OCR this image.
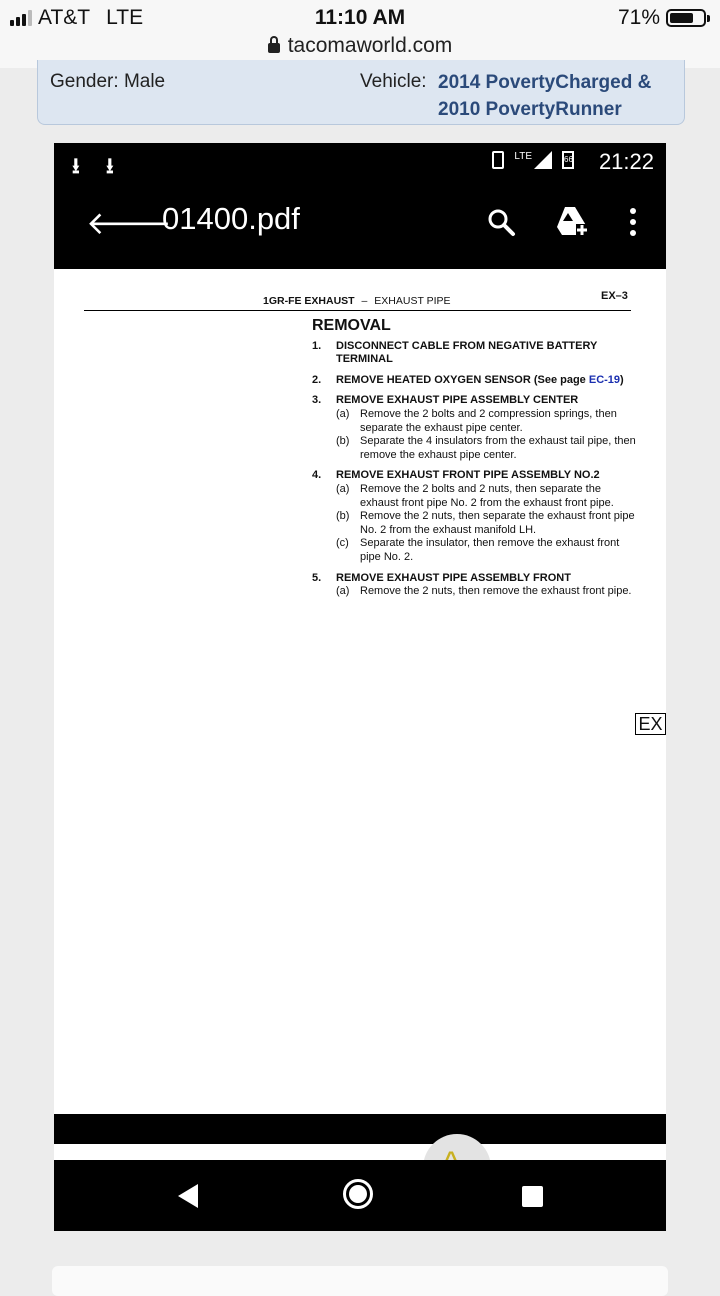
AT&T LTE	11:10 AM	71%
tacomaworld.com
Gender: Male	Vehicle: 2014 PovertyCharged &
2010 PovertyRunner
⭳ ⭳	LTE	66 21:22
🡐
01400.pdf
1GR-FE EXHAUST – EXHAUST PIPE	EX–3
REMOVAL
1.	DISCONNECT CABLE FROM NEGATIVE BATTERY TERMINAL
2.	REMOVE HEATED OXYGEN SENSOR (See page EC-19)
3.	REMOVE EXHAUST PIPE ASSEMBLY CENTER
(a) Remove the 2 bolts and 2 compression springs, then separate the exhaust pipe center.
(b) Separate the 4 insulators from the exhaust tail pipe, then remove the exhaust pipe center.
4.	REMOVE EXHAUST FRONT PIPE ASSEMBLY NO.2
(a) Remove the 2 bolts and 2 nuts, then separate the exhaust front pipe No. 2 from the exhaust front pipe.
(b) Remove the 2 nuts, then separate the exhaust front pipe No. 2 from the exhaust manifold LH.
(c)	Separate the insulator, then remove the exhaust front pipe No. 2.
5.	REMOVE EXHAUST PIPE ASSEMBLY FRONT
(a) Remove the 2 nuts, then remove the exhaust front pipe.
EX
